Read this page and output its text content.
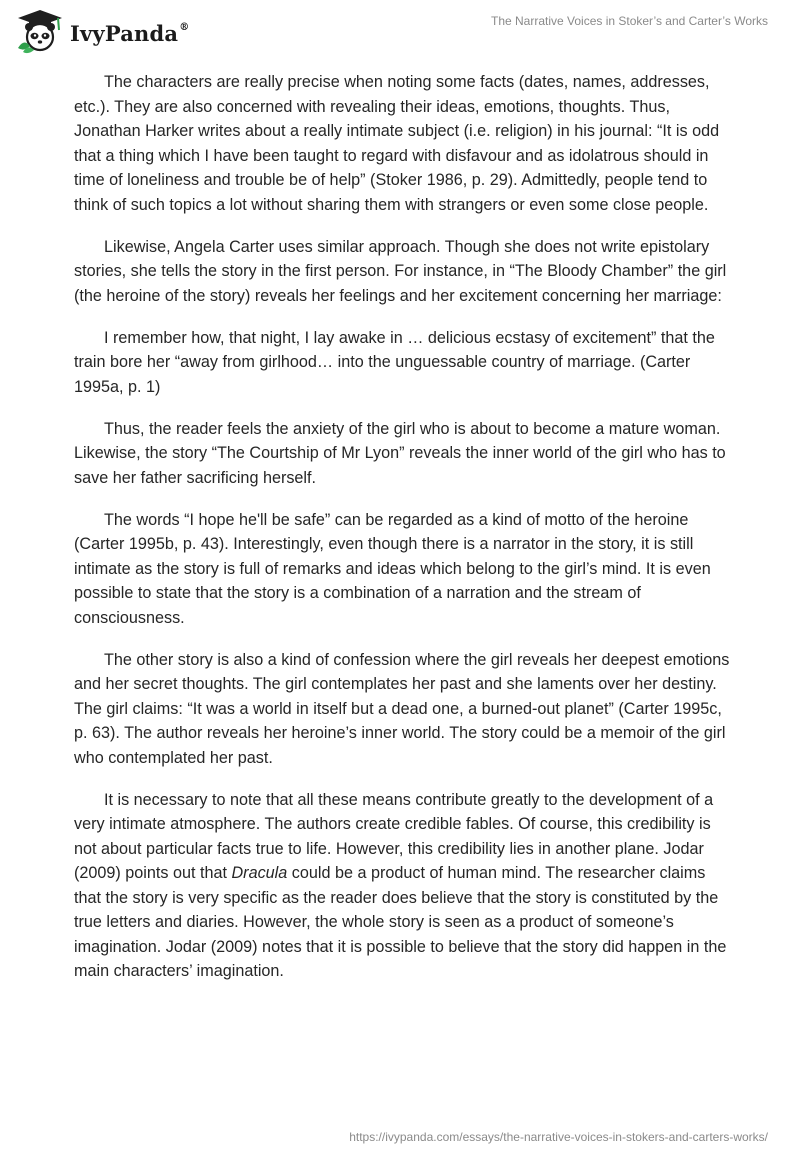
IvyPanda®	The Narrative Voices in Stoker’s and Carter’s Works

The characters are really precise when noting some facts (dates, names, addresses, etc.). They are also concerned with revealing their ideas, emotions, thoughts. Thus, Jonathan Harker writes about a really intimate subject (i.e. religion) in his journal: “It is odd that a thing which I have been taught to regard with disfavour and as idolatrous should in time of loneliness and trouble be of help” (Stoker 1986, p. 29). Admittedly, people tend to think of such topics a lot without sharing them with strangers or even some close people.

Likewise, Angela Carter uses similar approach. Though she does not write epistolary stories, she tells the story in the first person. For instance, in “The Bloody Chamber” the girl (the heroine of the story) reveals her feelings and her excitement concerning her marriage:

I remember how, that night, I lay awake in … delicious ecstasy of excitement” that the train bore her “away from girlhood… into the unguessable country of marriage. (Carter 1995a, p. 1)

Thus, the reader feels the anxiety of the girl who is about to become a mature woman. Likewise, the story “The Courtship of Mr Lyon” reveals the inner world of the girl who has to save her father sacrificing herself.

The words “I hope he'll be safe” can be regarded as a kind of motto of the heroine (Carter 1995b, p. 43). Interestingly, even though there is a narrator in the story, it is still intimate as the story is full of remarks and ideas which belong to the girl’s mind. It is even possible to state that the story is a combination of a narration and the stream of consciousness.

The other story is also a kind of confession where the girl reveals her deepest emotions and her secret thoughts. The girl contemplates her past and she laments over her destiny. The girl claims: “It was a world in itself but a dead one, a burned-out planet” (Carter 1995c, p. 63). The author reveals her heroine’s inner world. The story could be a memoir of the girl who contemplated her past.

It is necessary to note that all these means contribute greatly to the development of a very intimate atmosphere. The authors create credible fables. Of course, this credibility is not about particular facts true to life. However, this credibility lies in another plane. Jodar (2009) points out that Dracula could be a product of human mind. The researcher claims that the story is very specific as the reader does believe that the story is constituted by the true letters and diaries. However, the whole story is seen as a product of someone’s imagination. Jodar (2009) notes that it is possible to believe that the story did happen in the main characters’ imagination.

https://ivypanda.com/essays/the-narrative-voices-in-stokers-and-carters-works/
